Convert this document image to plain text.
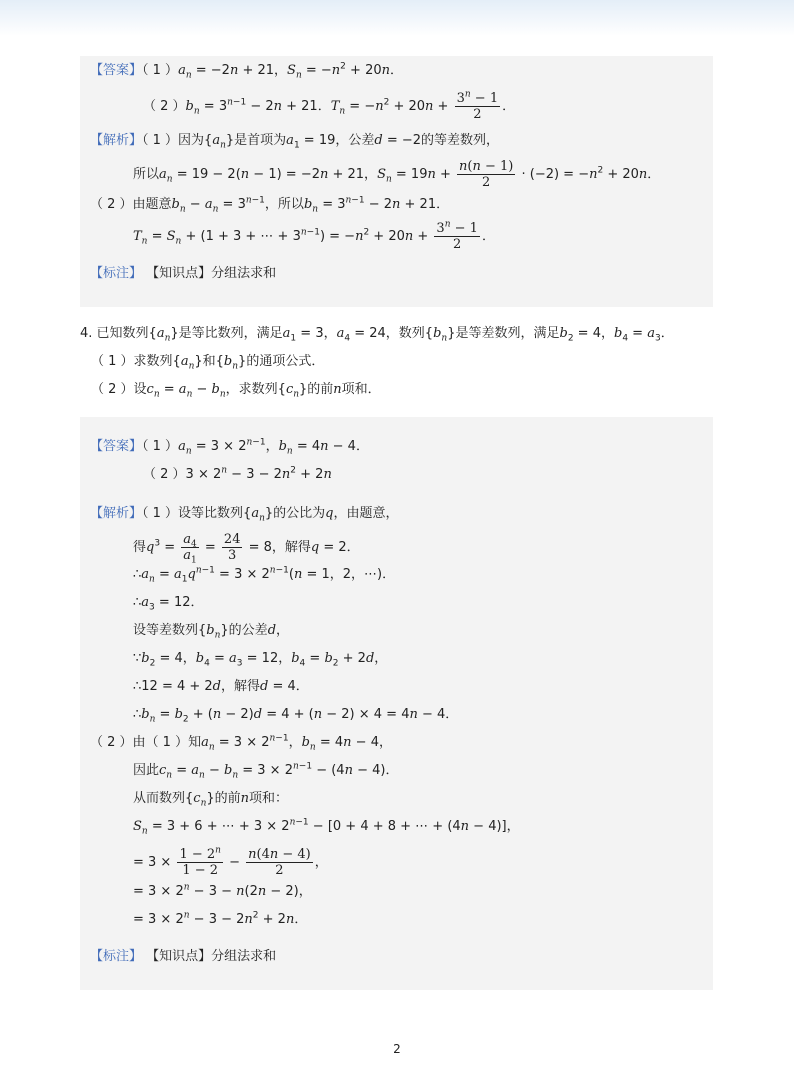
【答案】（ 1 ）$a_n = -2n + 21$，$S_n = -n^2 + 20n$．
（ 2 ）$b_n = 3^{n-1} - 2n + 21$．$T_n = -n^2 + 20n + \frac{3^n - 1}{2}$ ．
【解析】（ 1 ）因为$\{a_n\}$是首项为$a_1 = 19$，公差d = −2的等差数列，
所以$a_n = 19 - 2(n - 1) = -2n + 21$，$S_n = 19n + \frac{n(n - 1)}{2} \cdot (-2) = -n^2 + 20n$．
（ 2 ）由题意$b_n - a_n = 3^{n-1}$，所以$b_n = 3^{n-1} - 2n + 21$．
$T_n = S_n + (1 + 3$ + ⋯ + $3^{n-1}) = -n^2 + 20n + \frac{3^n - 1}{2}$ ．
【标注】 【知识点】分组法求和
4. 已知数列$\{a_n\}$是等比数列，满足$a_1 = 3$，$a_4 = 24$，数列$\{b_n\}$是等差数列，满足$b_2 = 4$，$b_4 = a_3$．
（ 1 ）求数列$\{a_n\}$和$\{b_n\}$的通项公式．
（ 2 ）设$c_n = a_n - b_n$，求数列$\{c_n\}$的前n项和．
【答案】（ 1 ）$a_n = 3 \times 2^{n-1}$，$b_n = 4n - 4$．
（ 2 ）$3 \times 2^n - 3 - 2n^2 + 2n$
【解析】（ 1 ）设等比数列$\{a_n\}$的公比为q，由题意，
得$q^3 = \frac{a_4}{a_1} = \frac{24}{3} = 8$，解得q = 2．
$\therefore a_n = a_1q^{n-1} = 3 \times 2^{n-1}(n = 1$，2，⋯)．
$\therefore a_3 = 12$．
设等差数列$\{b_n\}$的公差d，
$\because b_2 = 4$，$b_4 = a_3 = 12$，$b_4 = b_2 + 2d$，
∴12 = 4 + 2d，解得d = 4．
$\therefore b_n = b_2 + (n - 2)d = 4 + (n - 2) \times 4 = 4n - 4$．
（ 2 ）由（ 1 ）知$a_n = 3 \times 2^{n-1}$，$b_n = 4n - 4$，
因此$c_n = a_n - b_n = 3 \times 2^{n-1} - (4n - 4)$．
从而数列$\{c_n\}$的前n项和：
$S_n = 3 + 6$ + ⋯ + $3 \times 2^{n-1} - [0 + 4 + 8$ + ⋯ + (4n − 4)]，
= $3 \times \frac{1 - 2^n}{1 - 2} - \frac{n(4n - 4)}{2}$ ，
= $3 \times 2^n - 3 - n(2n - 2)$，
= $3 \times 2^n - 3 - 2n^2 + 2n$．
【标注】 【知识点】分组法求和
2
